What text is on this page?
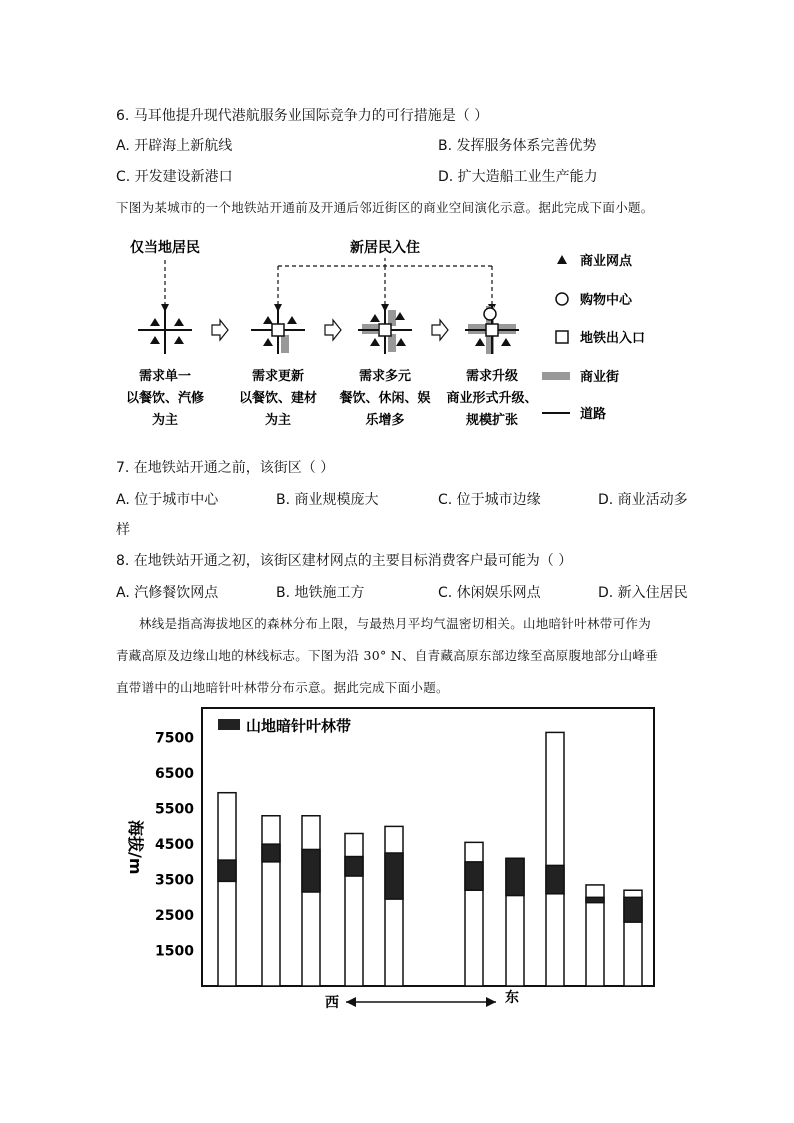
6. 马耳他提升现代港航服务业国际竞争力的可行措施是（ ）
A. 开辟海上新航线	B. 发挥服务体系完善优势
C. 开发建设新港口	D. 扩大造船工业生产能力
下图为某城市的一个地铁站开通前及开通后邻近街区的商业空间演化示意。据此完成下面小题。
仅当地居民	新居民入住
需求单一
以餐饮、汽修
为主
需求更新
以餐饮、建材
为主
需求多元
餐饮、休闲、娱
乐增多
需求升级
商业形式升级、
规模扩张
商业网点
购物中心
地铁出入口
商业街
道路
7. 在地铁站开通之前，该街区（ ）
A. 位于城市中心	B. 商业规模庞大	C. 位于城市边缘	D. 商业活动多
样
8. 在地铁站开通之初，该街区建材网点的主要目标消费客户最可能为（ ）
A. 汽修餐饮网点	B. 地铁施工方	C. 休闲娱乐网点	D. 新入住居民
林线是指高海拔地区的森林分布上限，与最热月平均气温密切相关。山地暗针叶林带可作为
青藏高原及边缘山地的林线标志。下图为沿 30° N、自青藏高原东部边缘至高原腹地部分山峰垂
直带谱中的山地暗针叶林带分布示意。据此完成下面小题。
山地暗针叶林带
1500
2500
3500
4500
5500
6500
7500
海拔/m
西	东
